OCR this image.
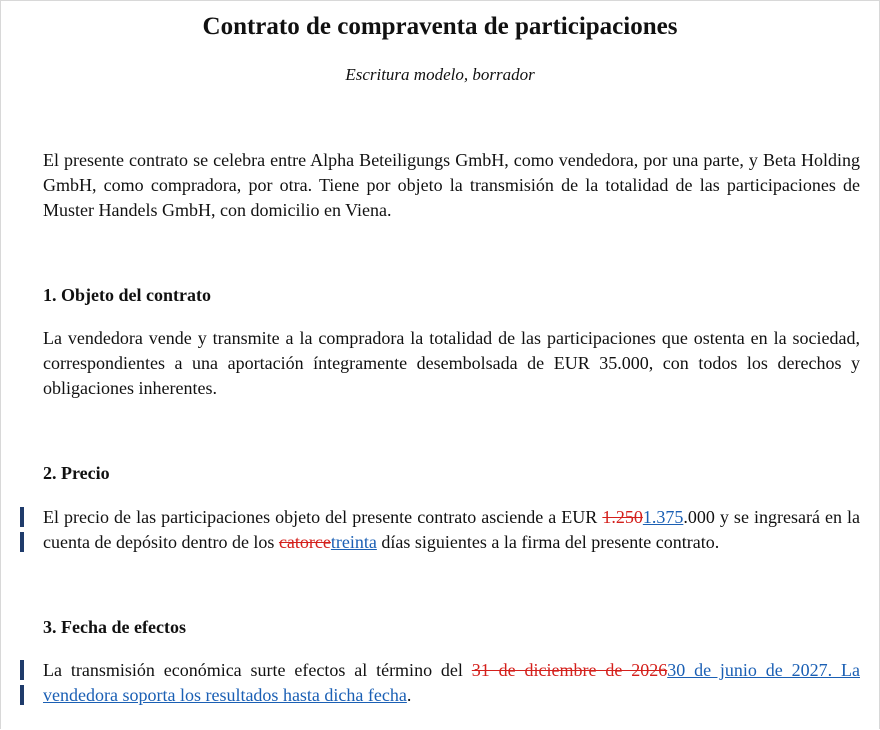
Contrato de compraventa de participaciones

Escritura modelo, borrador

El presente contrato se celebra entre Alpha Beteiligungs GmbH, como vendedora, por una parte, y Beta Holding GmbH, como compradora, por otra. Tiene por objeto la transmisión de la totalidad de las participaciones de Muster Handels GmbH, con domicilio en Viena.

1. Objeto del contrato

La vendedora vende y transmite a la compradora la totalidad de las participaciones que ostenta en la sociedad, correspondientes a una aportación íntegramente desembolsada de EUR 35.000, con todos los derechos y obligaciones inherentes.

2. Precio

El precio de las participaciones objeto del presente contrato asciende a EUR 1.2501.375.000 y se ingresará en la cuenta de depósito dentro de los catorcetreinta días siguientes a la firma del presente contrato.

3. Fecha de efectos

La transmisión económica surte efectos al término del 31 de diciembre de 202630 de junio de 2027. La vendedora soporta los resultados hasta dicha fecha.
